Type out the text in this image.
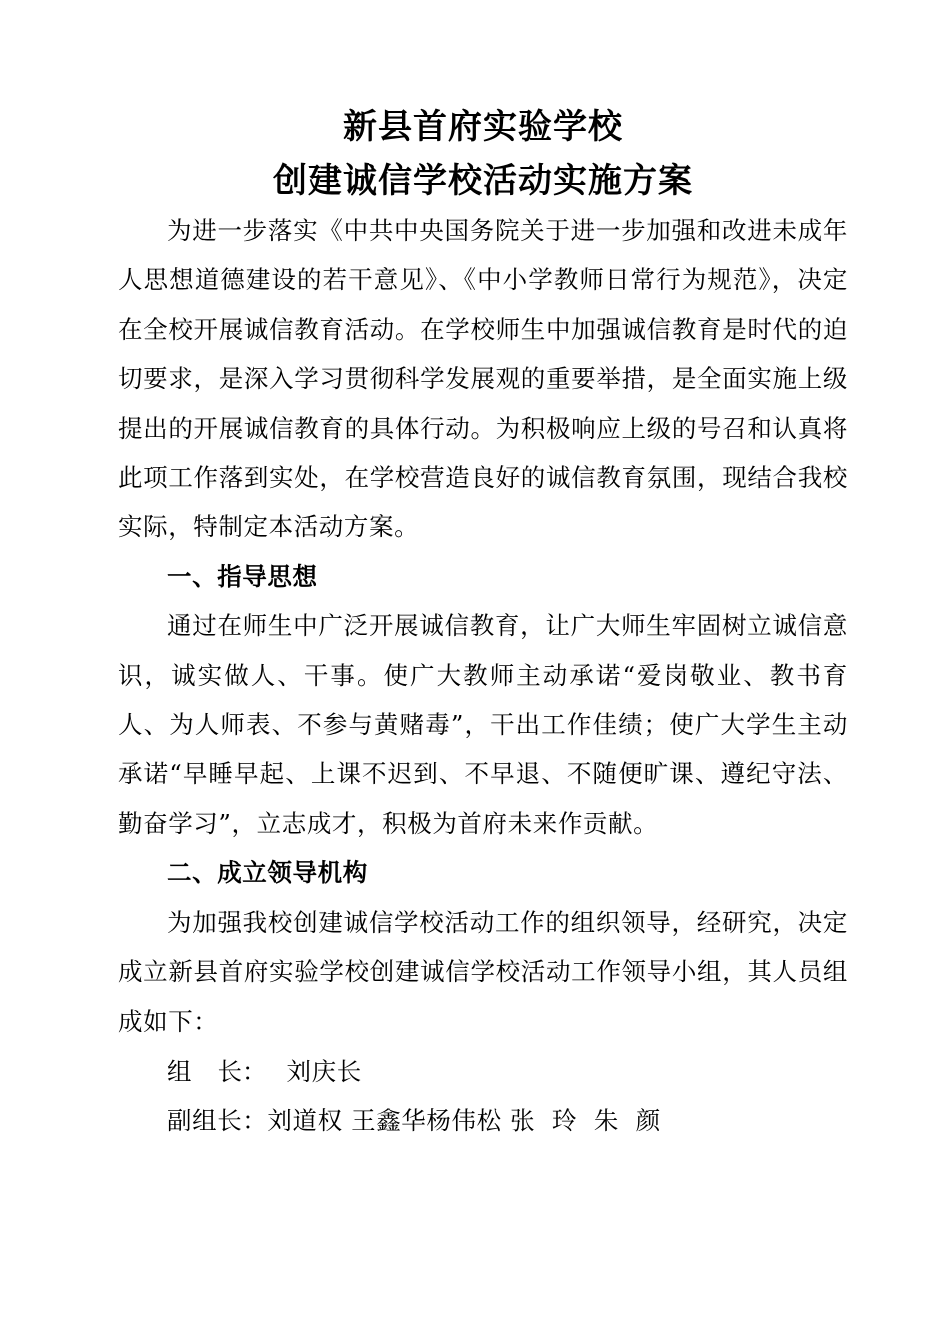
新县首府实验学校
创建诚信学校活动实施方案

为进一步落实《中共中央国务院关于进一步加强和改进未成年人思想道德建设的若干意见》、《中小学教师日常行为规范》，决定在全校开展诚信教育活动。在学校师生中加强诚信教育是时代的迫切要求，是深入学习贯彻科学发展观的重要举措，是全面实施上级提出的开展诚信教育的具体行动。为积极响应上级的号召和认真将此项工作落到实处，在学校营造良好的诚信教育氛围，现结合我校实际，特制定本活动方案。

一、指导思想

通过在师生中广泛开展诚信教育，让广大师生牢固树立诚信意识，诚实做人、干事。使广大教师主动承诺“爱岗敬业、教书育人、为人师表、不参与黄赌毒”，干出工作佳绩；使广大学生主动承诺“早睡早起、上课不迟到、不早退、不随便旷课、遵纪守法、勤奋学习”，立志成才，积极为首府未来作贡献。

二、成立领导机构

为加强我校创建诚信学校活动工作的组织领导，经研究，决定成立新县首府实验学校创建诚信学校活动工作领导小组，其人员组成如下：

组 长： 刘庆长

副组长：刘道权 王鑫华杨伟松 张  玲  朱  颜
